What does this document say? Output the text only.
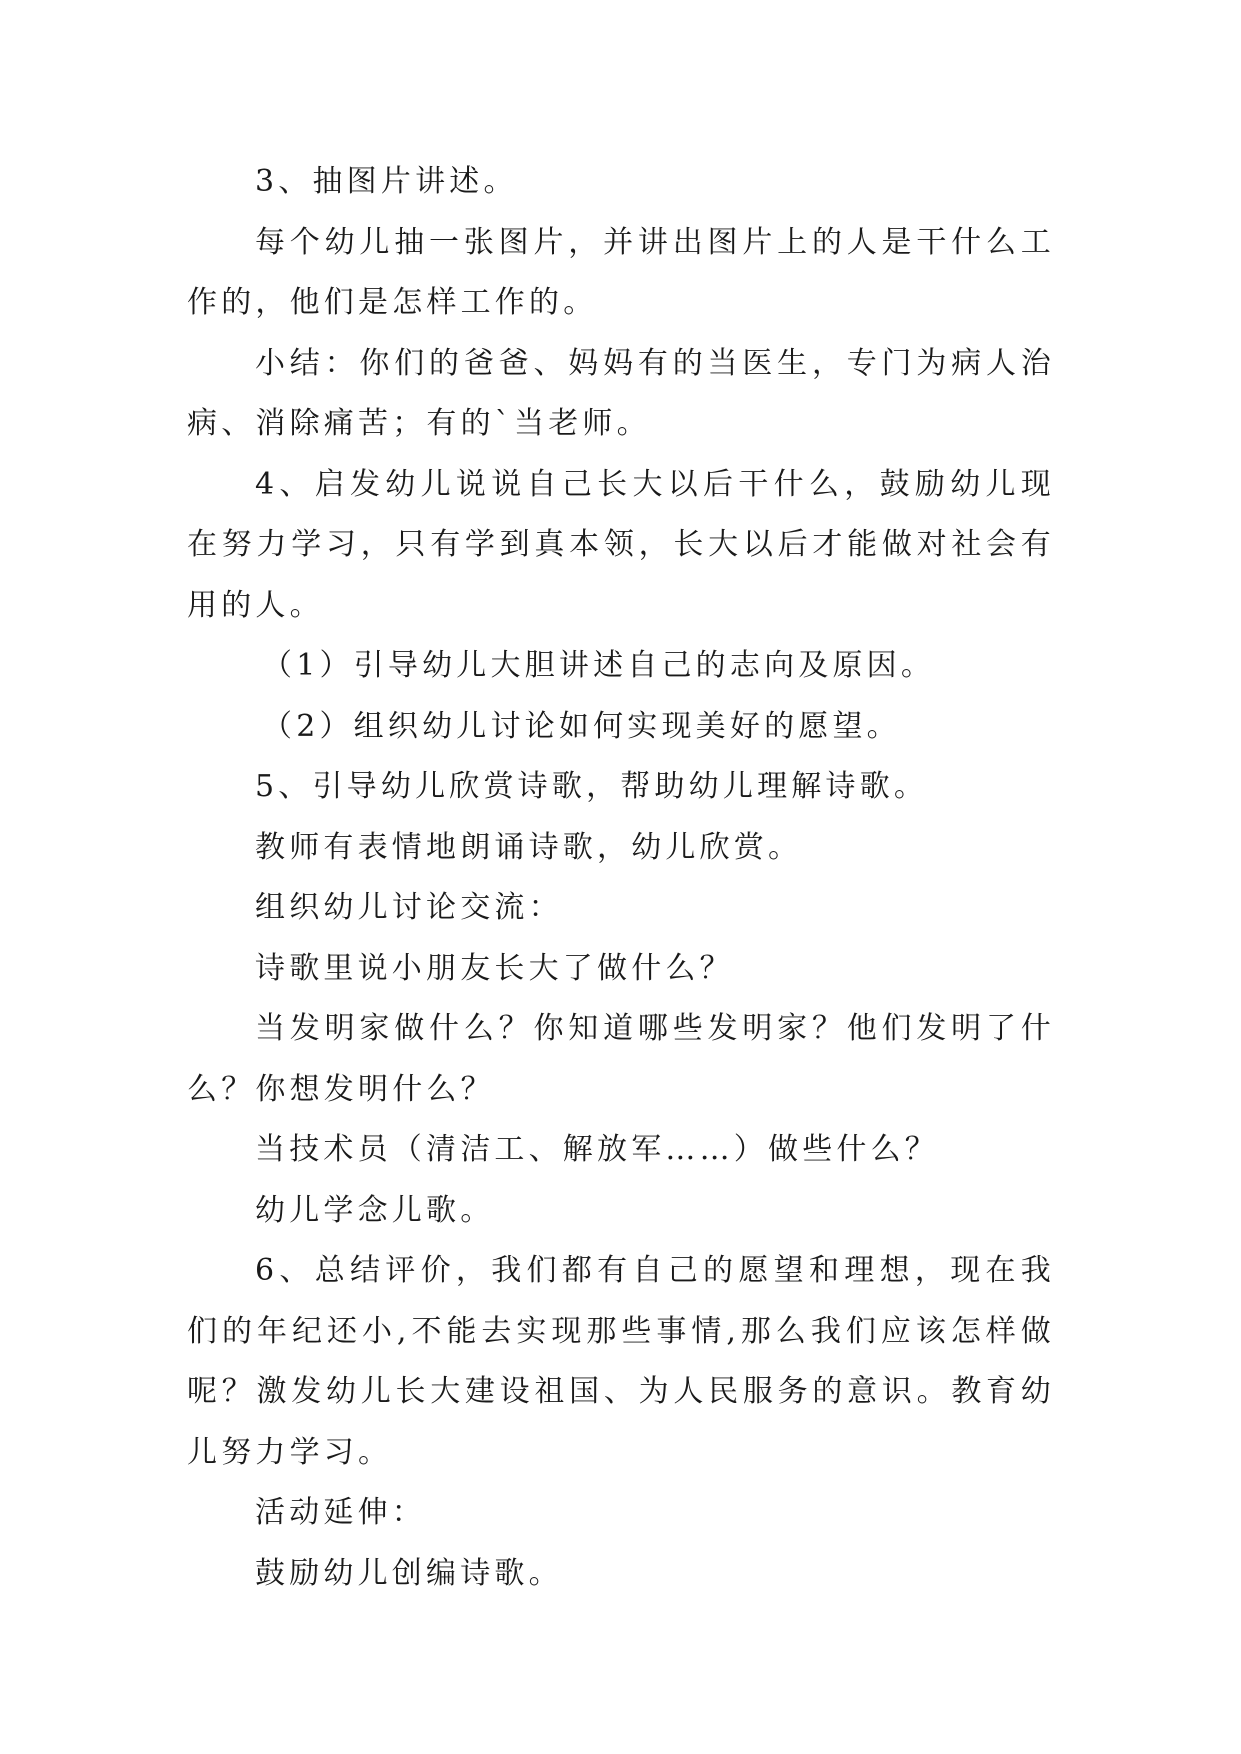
3、抽图片讲述。

每个幼儿抽一张图片，并讲出图片上的人是干什么工作的，他们是怎样工作的。

小结：你们的爸爸、妈妈有的当医生，专门为病人治病、消除痛苦；有的`当老师。

4、启发幼儿说说自己长大以后干什么，鼓励幼儿现在努力学习，只有学到真本领，长大以后才能做对社会有用的人。

（1）引导幼儿大胆讲述自己的志向及原因。

（2）组织幼儿讨论如何实现美好的愿望。

5、引导幼儿欣赏诗歌，帮助幼儿理解诗歌。

教师有表情地朗诵诗歌，幼儿欣赏。

组织幼儿讨论交流：

诗歌里说小朋友长大了做什么？

当发明家做什么？你知道哪些发明家？他们发明了什么？你想发明什么？

当技术员（清洁工、解放军……）做些什么？

幼儿学念儿歌。

6、总结评价，我们都有自己的愿望和理想，现在我们的年纪还小,不能去实现那些事情,那么我们应该怎样做呢？激发幼儿长大建设祖国、为人民服务的意识。教育幼儿努力学习。

活动延伸：

鼓励幼儿创编诗歌。
